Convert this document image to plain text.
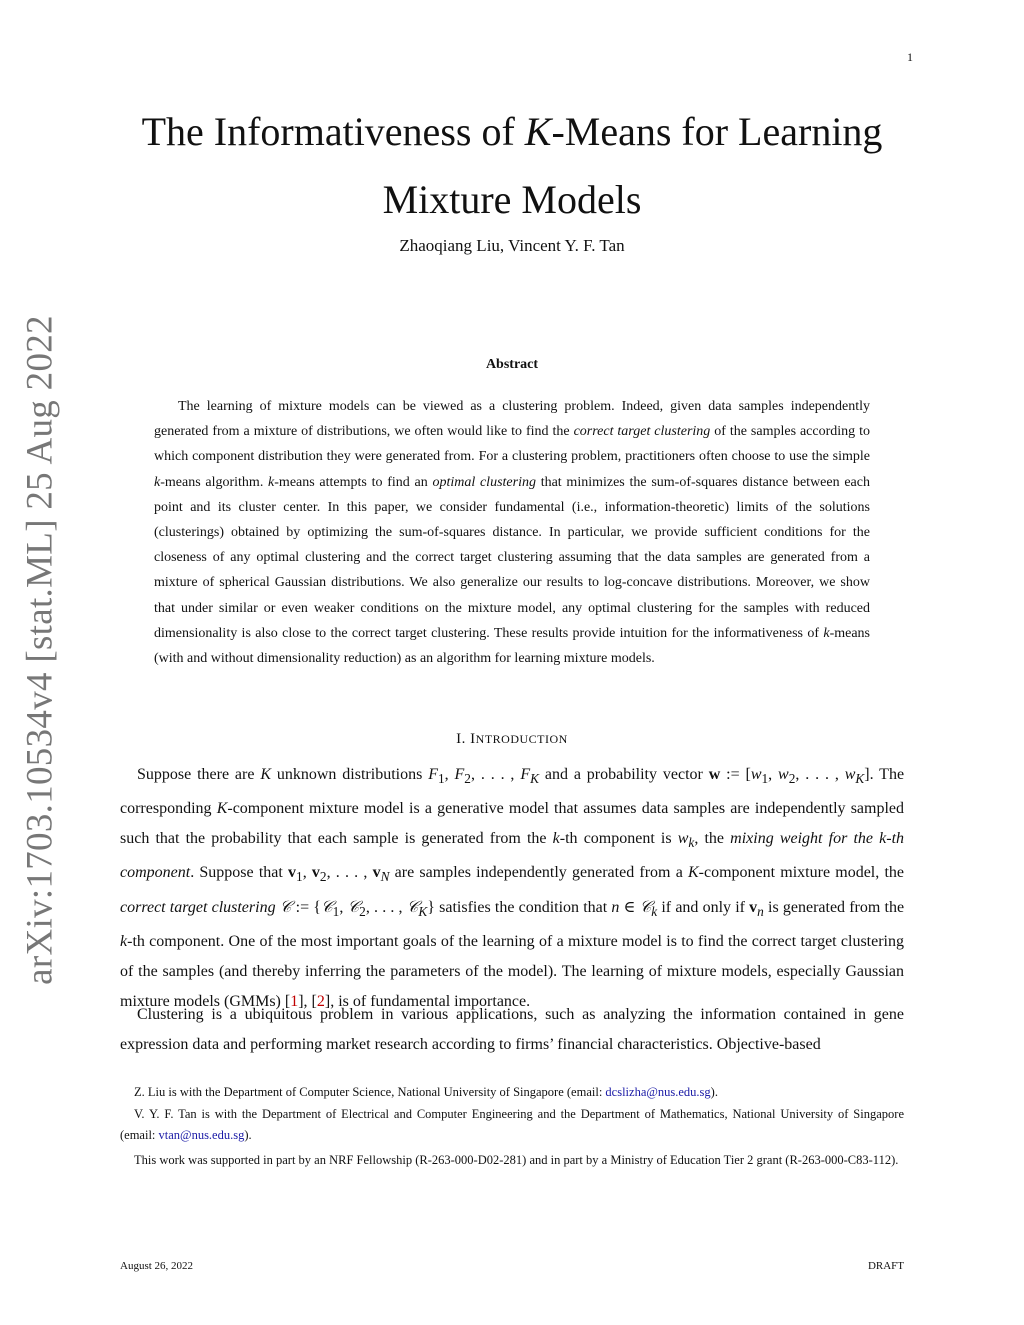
1
arXiv:1703.10534v4 [stat.ML] 25 Aug 2022
The Informativeness of K-Means for Learning
Mixture Models
Zhaoqiang Liu, Vincent Y. F. Tan
Abstract

The learning of mixture models can be viewed as a clustering problem. Indeed, given data samples independently generated from a mixture of distributions, we often would like to find the correct target clustering of the samples according to which component distribution they were generated from. For a clustering problem, practitioners often choose to use the simple k-means algorithm. k-means attempts to find an optimal clustering that minimizes the sum-of-squares distance between each point and its cluster center. In this paper, we consider fundamental (i.e., information-theoretic) limits of the solutions (clusterings) obtained by optimizing the sum-of-squares distance. In particular, we provide sufficient conditions for the closeness of any optimal clustering and the correct target clustering assuming that the data samples are generated from a mixture of spherical Gaussian distributions. We also generalize our results to log-concave distributions. Moreover, we show that under similar or even weaker conditions on the mixture model, any optimal clustering for the samples with reduced dimensionality is also close to the correct target clustering. These results provide intuition for the informativeness of k-means (with and without dimensionality reduction) as an algorithm for learning mixture models.

I. INTRODUCTION

Suppose there are K unknown distributions $F_1$, $F_2$, . . . , $F_K$ and a probability vector w := [$w_1$, $w_2$, . . . , $w_K$]. The corresponding K-component mixture model is a generative model that assumes data samples are independently sampled such that the probability that each sample is generated from the k-th component is $w_k$, the mixing weight for the k-th component. Suppose that $v_1$, $v_2$, . . . , $v_N$ are samples independently generated from a K-component mixture model, the correct target clustering 𝒞 := {𝒞$_1$, 𝒞$_2$, . . . , 𝒞$_K$} satisfies the condition that n ∈ 𝒞$_k$ if and only if $v_n$ is generated from the k-th component. One of the most important goals of the learning of a mixture model is to find the correct target clustering of the samples (and thereby inferring the parameters of the model). The learning of mixture models, especially Gaussian mixture models (GMMs) [1], [2], is of fundamental importance.

Clustering is a ubiquitous problem in various applications, such as analyzing the information contained in gene expression data and performing market research according to firms’ financial characteristics. Objective-based

Z. Liu is with the Department of Computer Science, National University of Singapore (email: dcslizha@nus.edu.sg).

V. Y. F. Tan is with the Department of Electrical and Computer Engineering and the Department of Mathematics, National University of Singapore (email: vtan@nus.edu.sg).

This work was supported in part by an NRF Fellowship (R-263-000-D02-281) and in part by a Ministry of Education Tier 2 grant (R-263-000-C83-112).

August 26, 2022	DRAFT
